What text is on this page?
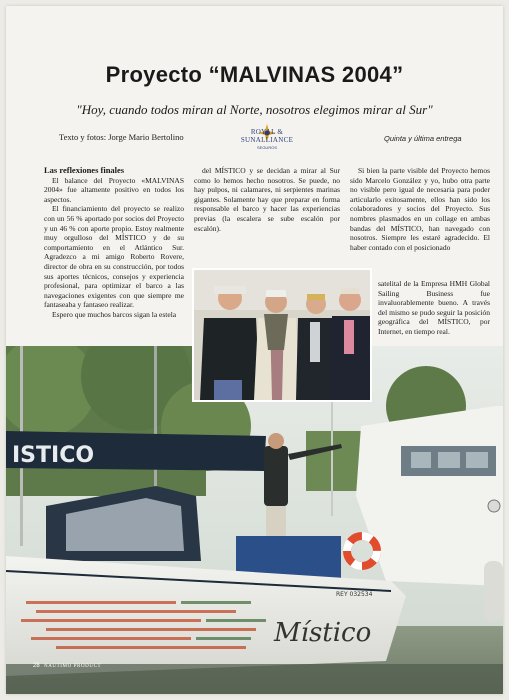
Proyecto “MALVINAS 2004”
"Hoy, cuando todos miran al Norte, nosotros elegimos mirar al Sur"
Texto y fotos: Jorge Mario Bertolino	ROYAL & SUNALLIANCE
SEGUROS
Quinta y última entrega

Las reflexiones finales

El balance del Proyecto «MALVINAS 2004» fue altamente positivo en todos los aspectos.

El financiamiento del proyecto se realizo con un 56 % aportado por socios del Proyecto y un 46 % con aporte propio. Estoy realmente muy orgulloso del MÍSTICO y de su comportamiento en el Atlántico Sur. Agradezco a mi amigo Roberto Rovere, director de obra en su construcción, por todos sus aportes técnicos, consejos y experiencia profesional, para optimizar el barco a las navegaciones exigentes con que siempre me fantaseaba y fantaseo realizar.

Espero que muchos barcos sigan la estela

del MÍSTICO y se decidan a mirar al Sur como lo hemos hecho nosotros. Se puede, no hay pulpos, ni calamares, ni serpientes marinas gigantes. Solamente hay que preparar en forma responsable el barco y hacer las experiencias previas (la escalera se sube escalón por escalón).

Si bien la parte visible del Proyecto hemos sido Marcelo González y yo, hubo otra parte no visible pero igual de necesaria para poder articularlo exitosamente, ellos han sido los colaboradores y socios del Proyecto. Sus nombres plasmados en un collage en ambas bandas del MÍSTICO, han navegado con nosotros. Siempre les estaré agradecido. El haber contado con el posicionado

satelital de la Empresa HMH Global Sailing Business fue invaluorablemente bueno. A través del mismo se pudo seguir la posición geográfica del MÍSTICO, por Internet, en tiempo real.

ISTICO
Místico
REY 032534
28 NAUTIMO PRODUCT
